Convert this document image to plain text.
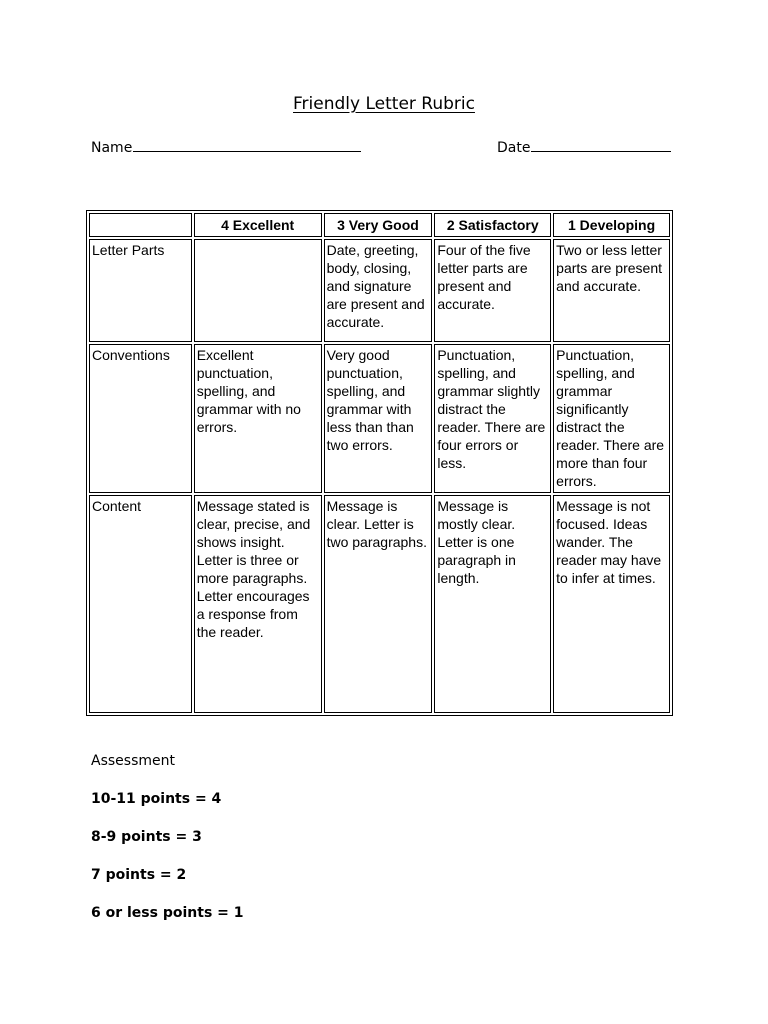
Friendly Letter Rubric
Name	Date
	4 Excellent	3 Very Good	2 Satisfactory	1 Developing
Letter Parts		Date, greeting, body, closing, and signature are present and accurate.	Four of the five letter parts are present and accurate.	Two or less letter parts are present and accurate.
Conventions	Excellent punctuation, spelling, and grammar with no errors.	Very good punctuation, spelling, and grammar with less than than two errors.	Punctuation, spelling, and grammar slightly distract the reader. There are four errors or less.	Punctuation, spelling, and grammar significantly distract the reader. There are more than four errors.
Content	Message stated is clear, precise, and shows insight. Letter is three or more paragraphs. Letter encourages a response from the reader.	Message is clear. Letter is two paragraphs.	Message is mostly clear. Letter is one paragraph in length.	Message is not focused. Ideas wander. The reader may have to infer at times.

Assessment

10-11 points = 4

8-9 points = 3

7 points = 2

6 or less points = 1
